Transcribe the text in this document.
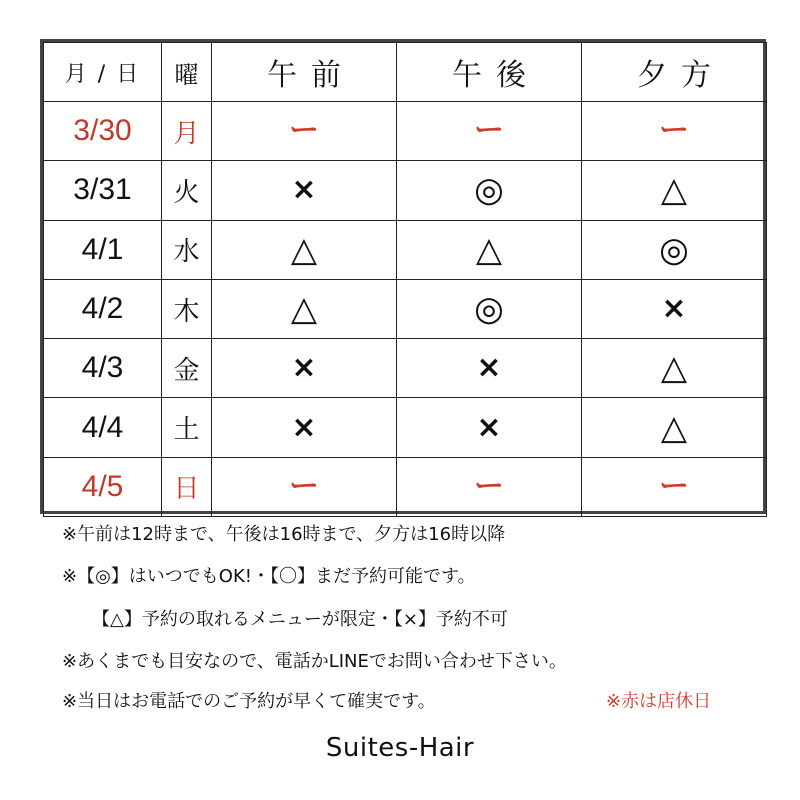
月 / 日	曜	午前	午後	夕方
3/30	月	ー	ー	ー
3/31	火	×	◎	△
4/1	水	△	△	◎
4/2	木	△	◎	×
4/3	金	×	×	△
4/4	土	×	×	△
4/5	日	ー	ー	ー
※午前は12時まで、午後は16時まで、夕方は16時以降
※【◎】はいつでもOK!・【〇】まだ予約可能です。
【△】予約の取れるメニューが限定・【×】予約不可
※あくまでも目安なので、電話かLINEでお問い合わせ下さい。
※当日はお電話でのご予約が早くて確実です。	※赤は店休日
Suites-Hair
